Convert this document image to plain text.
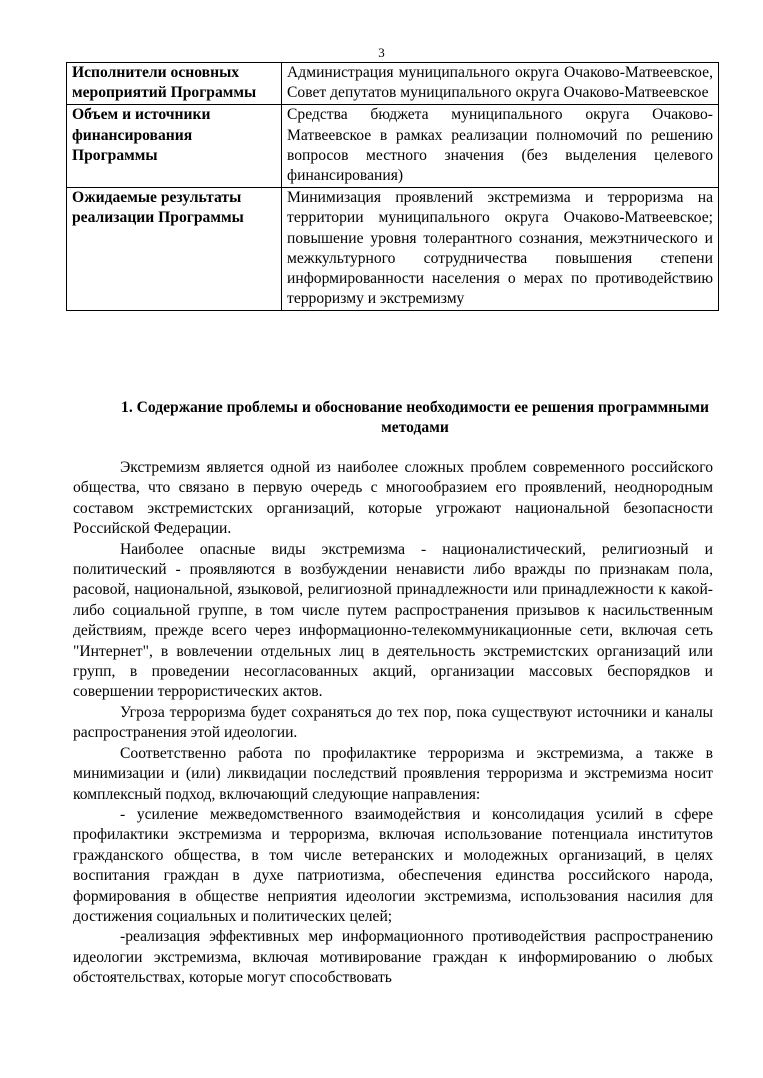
3
Исполнители основных мероприятий Программы	Администрация муниципального округа Очаково-Матвеевское, Совет депутатов муниципального округа Очаково-Матвеевское
Объем и источники финансирования Программы	Средства бюджета муниципального округа Очаково-Матвеевское в рамках реализации полномочий по решению вопросов местного значения (без выделения целевого финансирования)
Ожидаемые результаты реализации Программы	Минимизация проявлений экстремизма и терроризма на территории муниципального округа Очаково-Матвеевское; повышение уровня толерантного сознания, межэтнического и межкультурного сотрудничества повышения степени информированности населения о мерах по противодействию терроризму и экстремизму
1. Содержание проблемы и обоснование необходимости ее решения программными методами

Экстремизм является одной из наиболее сложных проблем современного российского общества, что связано в первую очередь с многообразием его проявлений, неоднородным составом экстремистских организаций, которые угрожают национальной безопасности Российской Федерации.

Наиболее опасные виды экстремизма - националистический, религиозный и политический - проявляются в возбуждении ненависти либо вражды по признакам пола, расовой, национальной, языковой, религиозной принадлежности или принадлежности к какой-либо социальной группе, в том числе путем распространения призывов к насильственным действиям, прежде всего через информационно-телекоммуникационные сети, включая сеть "Интернет", в вовлечении отдельных лиц в деятельность экстремистских организаций или групп, в проведении несогласованных акций, организации массовых беспорядков и совершении террористических актов.

Угроза терроризма будет сохраняться до тех пор, пока существуют источники и каналы распространения этой идеологии.

Соответственно работа по профилактике терроризма и экстремизма, а также в минимизации и (или) ликвидации последствий проявления терроризма и экстремизма носит комплексный подход, включающий следующие направления:

- усиление межведомственного взаимодействия и консолидация усилий в сфере профилактики экстремизма и терроризма, включая использование потенциала институтов гражданского общества, в том числе ветеранских и молодежных организаций, в целях воспитания граждан в духе патриотизма, обеспечения единства российского народа, формирования в обществе неприятия идеологии экстремизма, использования насилия для достижения социальных и политических целей;

-реализация эффективных мер информационного противодействия распространению идеологии экстремизма, включая мотивирование граждан к информированию о любых обстоятельствах, которые могут способствовать
